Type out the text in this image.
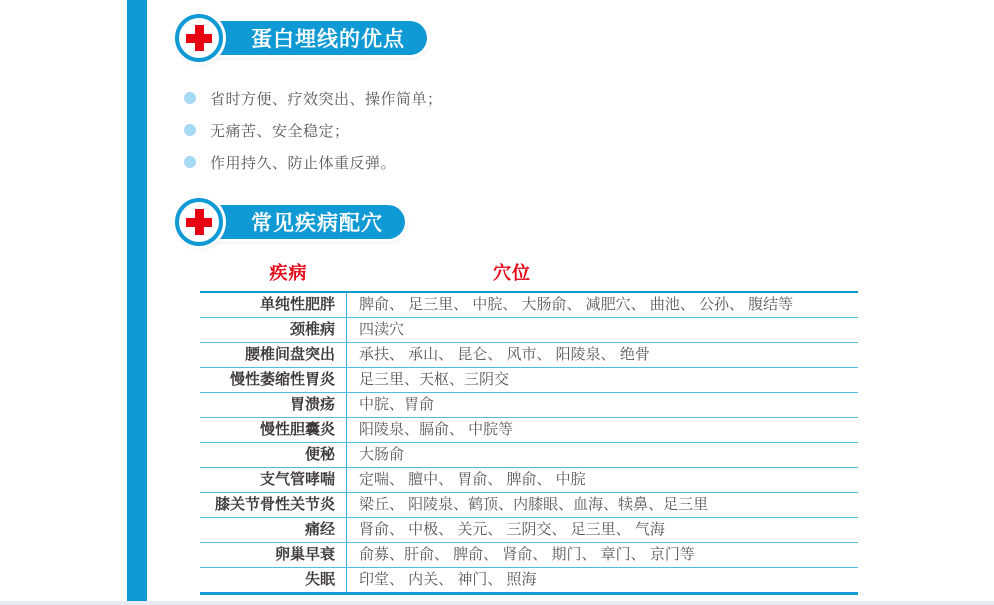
蛋白埋线的优点
省时方便、疗效突出、操作简单；
无痛苦、安全稳定；
作用持久、防止体重反弹。
常见疾病配穴
疾病	穴位
单纯性肥胖	脾俞、 足三里、 中脘、 大肠俞、 减肥穴、 曲池、 公孙、 腹结等
颈椎病	四渎穴
腰椎间盘突出	承扶、 承山、 昆仑、 风市、 阳陵泉、 绝骨
慢性萎缩性胃炎	足三里、天枢、三阴交
胃溃疡	中脘、胃俞
慢性胆囊炎	阳陵泉、膈俞、 中脘等
便秘	大肠俞
支气管哮喘	定喘、 膻中、 胃俞、 脾俞、 中脘
膝关节骨性关节炎	梁丘、 阳陵泉、鹤顶、内膝眼、血海、犊鼻、足三里
痛经	肾俞、 中极、 关元、 三阴交、 足三里、 气海
卵巢早衰	俞募、肝俞、 脾俞、 肾俞、 期门、 章门、 京门等
失眠	印堂、 内关、 神门、 照海
